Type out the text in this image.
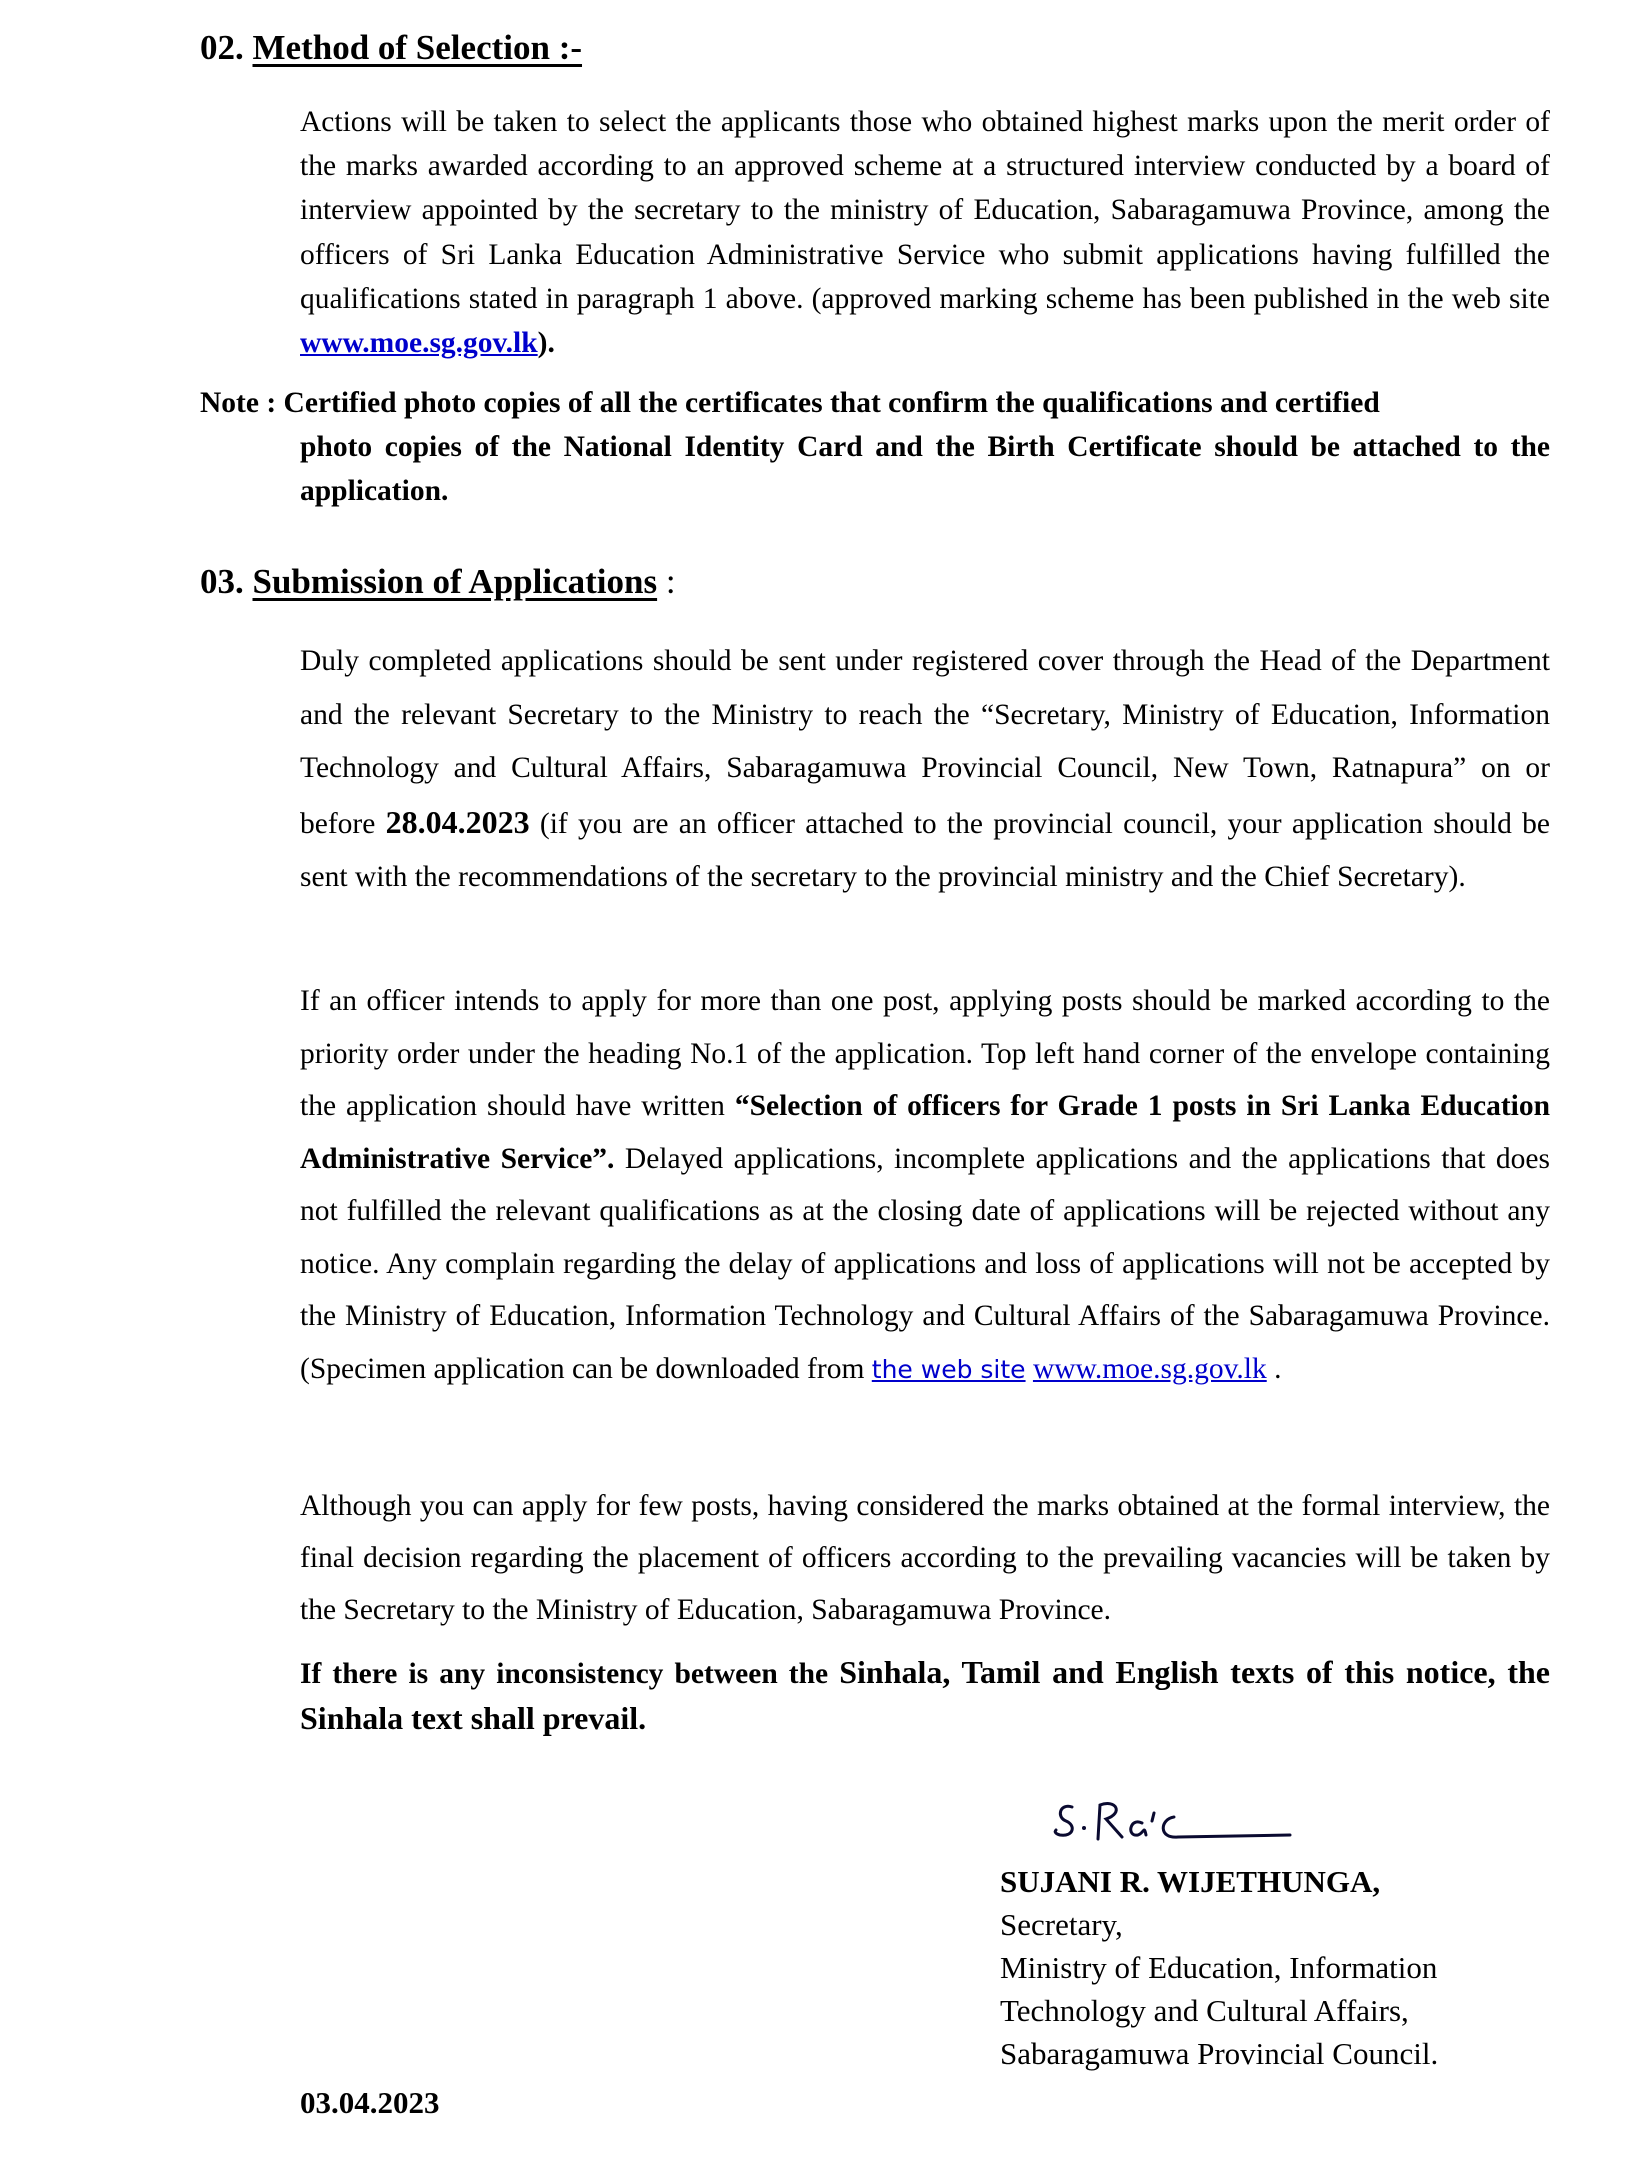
02. Method of Selection :-
Actions will be taken to select the applicants those who obtained highest marks upon the merit order of the marks awarded according to an approved scheme at a structured interview conducted by a board of interview appointed by the secretary to the ministry of Education, Sabaragamuwa Province, among the officers of Sri Lanka Education Administrative Service who submit applications having fulfilled the qualifications stated in paragraph 1 above. (approved marking scheme has been published in the web site www.moe.sg.gov.lk).
Note : Certified photo copies of all the certificates that confirm the qualifications and certified
photo copies of the National Identity Card and the Birth Certificate should be attached to the application.
03. Submission of Applications :
Duly completed applications should be sent under registered cover through the Head of the Department and the relevant Secretary to the Ministry to reach the “Secretary, Ministry of Education, Information Technology and Cultural Affairs, Sabaragamuwa Provincial Council, New Town, Ratnapura” on or before 28.04.2023 (if you are an officer attached to the provincial council, your application should be sent with the recommendations of the secretary to the provincial ministry and the Chief Secretary).
If an officer intends to apply for more than one post, applying posts should be marked according to the priority order under the heading No.1 of the application. Top left hand corner of the envelope containing the application should have written “Selection of officers for Grade 1 posts in Sri Lanka Education Administrative Service”. Delayed applications, incomplete applications and the applications that does not fulfilled the relevant qualifications as at the closing date of applications will be rejected without any notice. Any complain regarding the delay of applications and loss of applications will not be accepted by the Ministry of Education, Information Technology and Cultural Affairs of the Sabaragamuwa Province. (Specimen application can be downloaded from the web site www.moe.sg.gov.lk .
Although you can apply for few posts, having considered the marks obtained at the formal interview, the final decision regarding the placement of officers according to the prevailing vacancies will be taken by the Secretary to the Ministry of Education, Sabaragamuwa Province.
If there is any inconsistency between the Sinhala, Tamil and English texts of this notice, the Sinhala text shall prevail.
SUJANI R. WIJETHUNGA,
Secretary,
Ministry of Education, Information
Technology and Cultural Affairs,
Sabaragamuwa Provincial Council.
03.04.2023
